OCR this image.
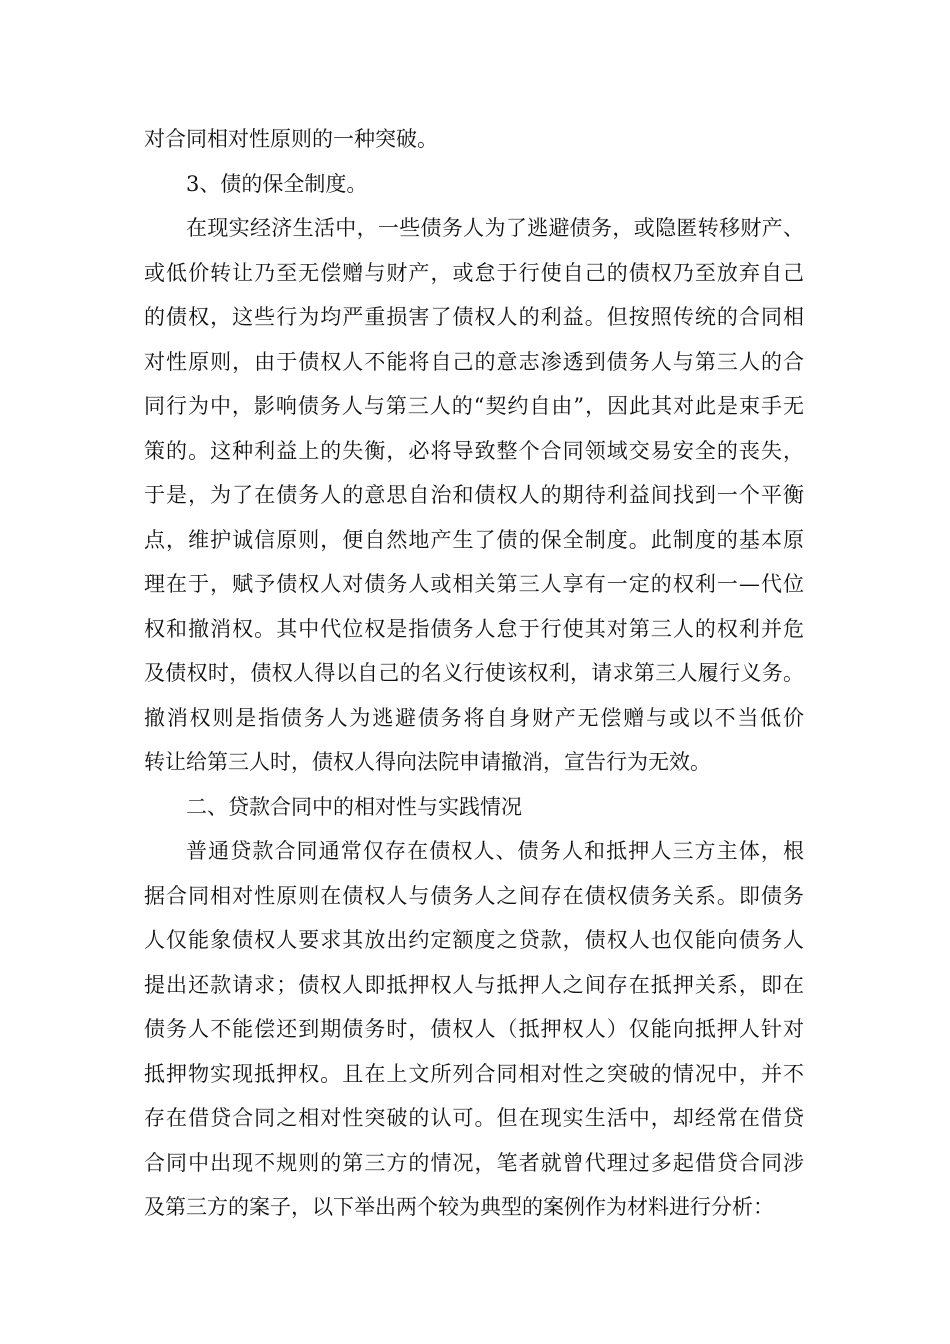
对合同相对性原则的一种突破。
3、债的保全制度。
在现实经济生活中，一些债务人为了逃避债务，或隐匿转移财产、
或低价转让乃至无偿赠与财产，或怠于行使自己的债权乃至放弃自己
的债权，这些行为均严重损害了债权人的利益。但按照传统的合同相
对性原则，由于债权人不能将自己的意志渗透到债务人与第三人的合
同行为中，影响债务人与第三人的“契约自由”，因此其对此是束手无
策的。这种利益上的失衡，必将导致整个合同领域交易安全的丧失，
于是，为了在债务人的意思自治和债权人的期待利益间找到一个平衡
点，维护诚信原则，便自然地产生了债的保全制度。此制度的基本原
理在于，赋予债权人对债务人或相关第三人享有一定的权利一—代位
权和撤消权。其中代位权是指债务人怠于行使其对第三人的权利并危
及债权时，债权人得以自己的名义行使该权利，请求第三人履行义务。
撤消权则是指债务人为逃避债务将自身财产无偿赠与或以不当低价
转让给第三人时，债权人得向法院申请撤消，宣告行为无效。
二、贷款合同中的相对性与实践情况
普通贷款合同通常仅存在债权人、债务人和抵押人三方主体，根
据合同相对性原则在债权人与债务人之间存在债权债务关系。即债务
人仅能象债权人要求其放出约定额度之贷款，债权人也仅能向债务人
提出还款请求；债权人即抵押权人与抵押人之间存在抵押关系，即在
债务人不能偿还到期债务时，债权人（抵押权人）仅能向抵押人针对
抵押物实现抵押权。且在上文所列合同相对性之突破的情况中，并不
存在借贷合同之相对性突破的认可。但在现实生活中，却经常在借贷
合同中出现不规则的第三方的情况，笔者就曾代理过多起借贷合同涉
及第三方的案子，以下举出两个较为典型的案例作为材料进行分析：
